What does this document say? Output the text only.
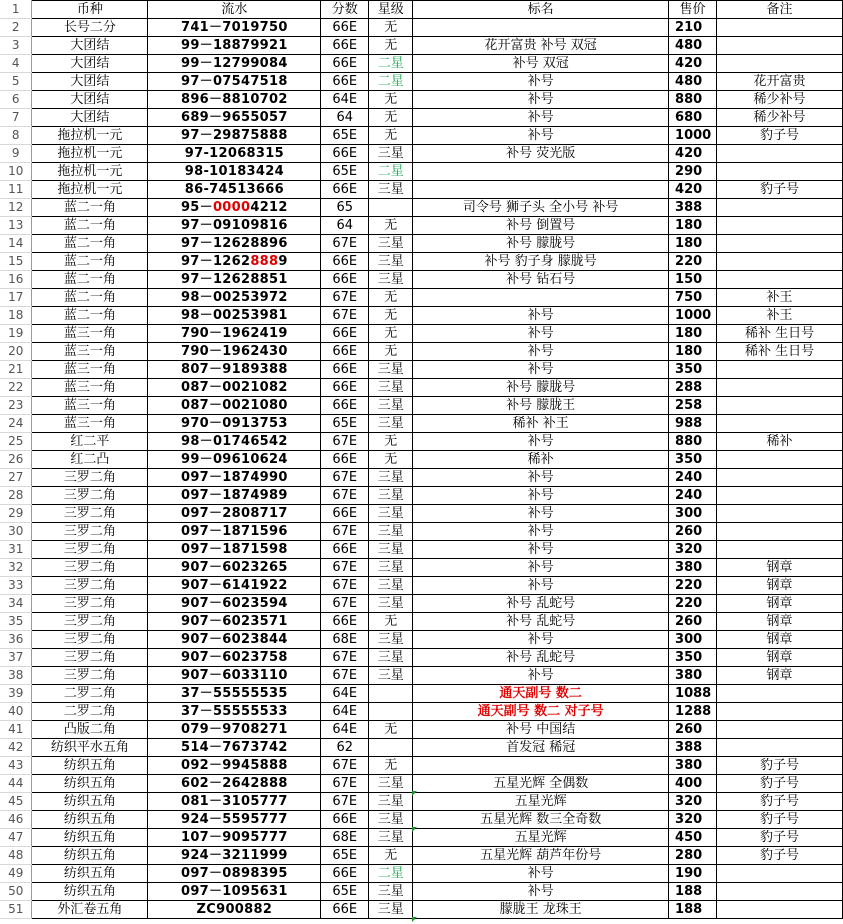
1	币种	流水	分数	星级	标名	售价	备注
2	长号二分	741－7019750	66E	无		210	
3	大团结	99－18879921	66E	无	花开富贵 补号 双冠	480	
4	大团结	99－12799084	66E	二星	补号 双冠	420	
5	大团结	97－07547518	66E	二星	补号	480	花开富贵
6	大团结	896－8810702	64E	无	补号	880	稀少补号
7	大团结	689－9655057	64	无	补号	680	稀少补号
8	拖拉机一元	97－29875888	65E	无	补号	1000	豹子号
9	拖拉机一元	97-12068315	66E	三星	补号 荧光版	420	
10	拖拉机一元	98-10183424	65E	二星		290	
11	拖拉机一元	86-74513666	66E	三星		420	豹子号
12	蓝二一角	95－00004212	65		司令号 狮子头 全小号 补号	388	
13	蓝二一角	97－09109816	64	无	补号 倒置号	180	
14	蓝二一角	97－12628896	67E	三星	补号 朦胧号	180	
15	蓝二一角	97－12628889	66E	三星	补号 豹子身 朦胧号	220	
16	蓝二一角	97－12628851	66E	三星	补号 钻石号	150	
17	蓝二一角	98－00253972	67E	无		750	补王
18	蓝二一角	98－00253981	67E	无	补号	1000	补王
19	蓝三一角	790－1962419	66E	无	补号	180	稀补 生日号
20	蓝三一角	790－1962430	66E	无	补号	180	稀补 生日号
21	蓝三一角	807－9189388	66E	三星	补号	350	
22	蓝三一角	087－0021082	66E	三星	补号 朦胧号	288	
23	蓝三一角	087－0021080	66E	三星	补号 朦胧王	258	
24	蓝三一角	970－0913753	65E	三星	稀补 补王	988	
25	红二平	98－01746542	67E	无	补号	880	稀补
26	红二凸	99－09610624	66E	无	稀补	350	
27	三罗二角	097－1874990	67E	三星	补号	240	
28	三罗二角	097－1874989	67E	三星	补号	240	
29	三罗二角	097－2808717	66E	三星	补号	300	
30	三罗二角	097－1871596	67E	三星	补号	260	
31	三罗二角	097－1871598	66E	三星	补号	320	
32	三罗二角	907－6023265	67E	三星	补号	380	钢章
33	三罗二角	907－6141922	67E	三星	补号	220	钢章
34	三罗二角	907－6023594	67E	三星	补号 乱蛇号	220	钢章
35	三罗二角	907－6023571	66E	无	补号 乱蛇号	260	钢章
36	三罗二角	907－6023844	68E	三星	补号	300	钢章
37	三罗二角	907－6023758	67E	三星	补号 乱蛇号	350	钢章
38	三罗二角	907－6033110	67E	三星	补号	380	钢章
39	二罗二角	37－55555535	64E		通天副号 数二	1088	
40	二罗二角	37－55555533	64E		通天副号 数二 对子号	1288	
41	凸版二角	079－9708271	64E	无	补号 中国结	260	
42	纺织平水五角	514－7673742	62		首发冠 稀冠	388	
43	纺织五角	092－9945888	67E	无		380	豹子号
44	纺织五角	602－2642888	67E	三星	五星光辉 全偶数	400	豹子号
45	纺织五角	081－3105777	67E	三星	五星光辉	320	豹子号
46	纺织五角	924－5595777	66E	三星	五星光辉 数三全奇数	320	豹子号
47	纺织五角	107－9095777	68E	三星	五星光辉	450	豹子号
48	纺织五角	924－3211999	65E	无	五星光辉 葫芦年份号	280	豹子号
49	纺织五角	097－0898395	66E	二星	补号	190	
50	纺织五角	097－1095631	65E	三星	补号	188	
51	外汇卷五角	ZC900882	66E	三星	朦胧王 龙珠王	188	
